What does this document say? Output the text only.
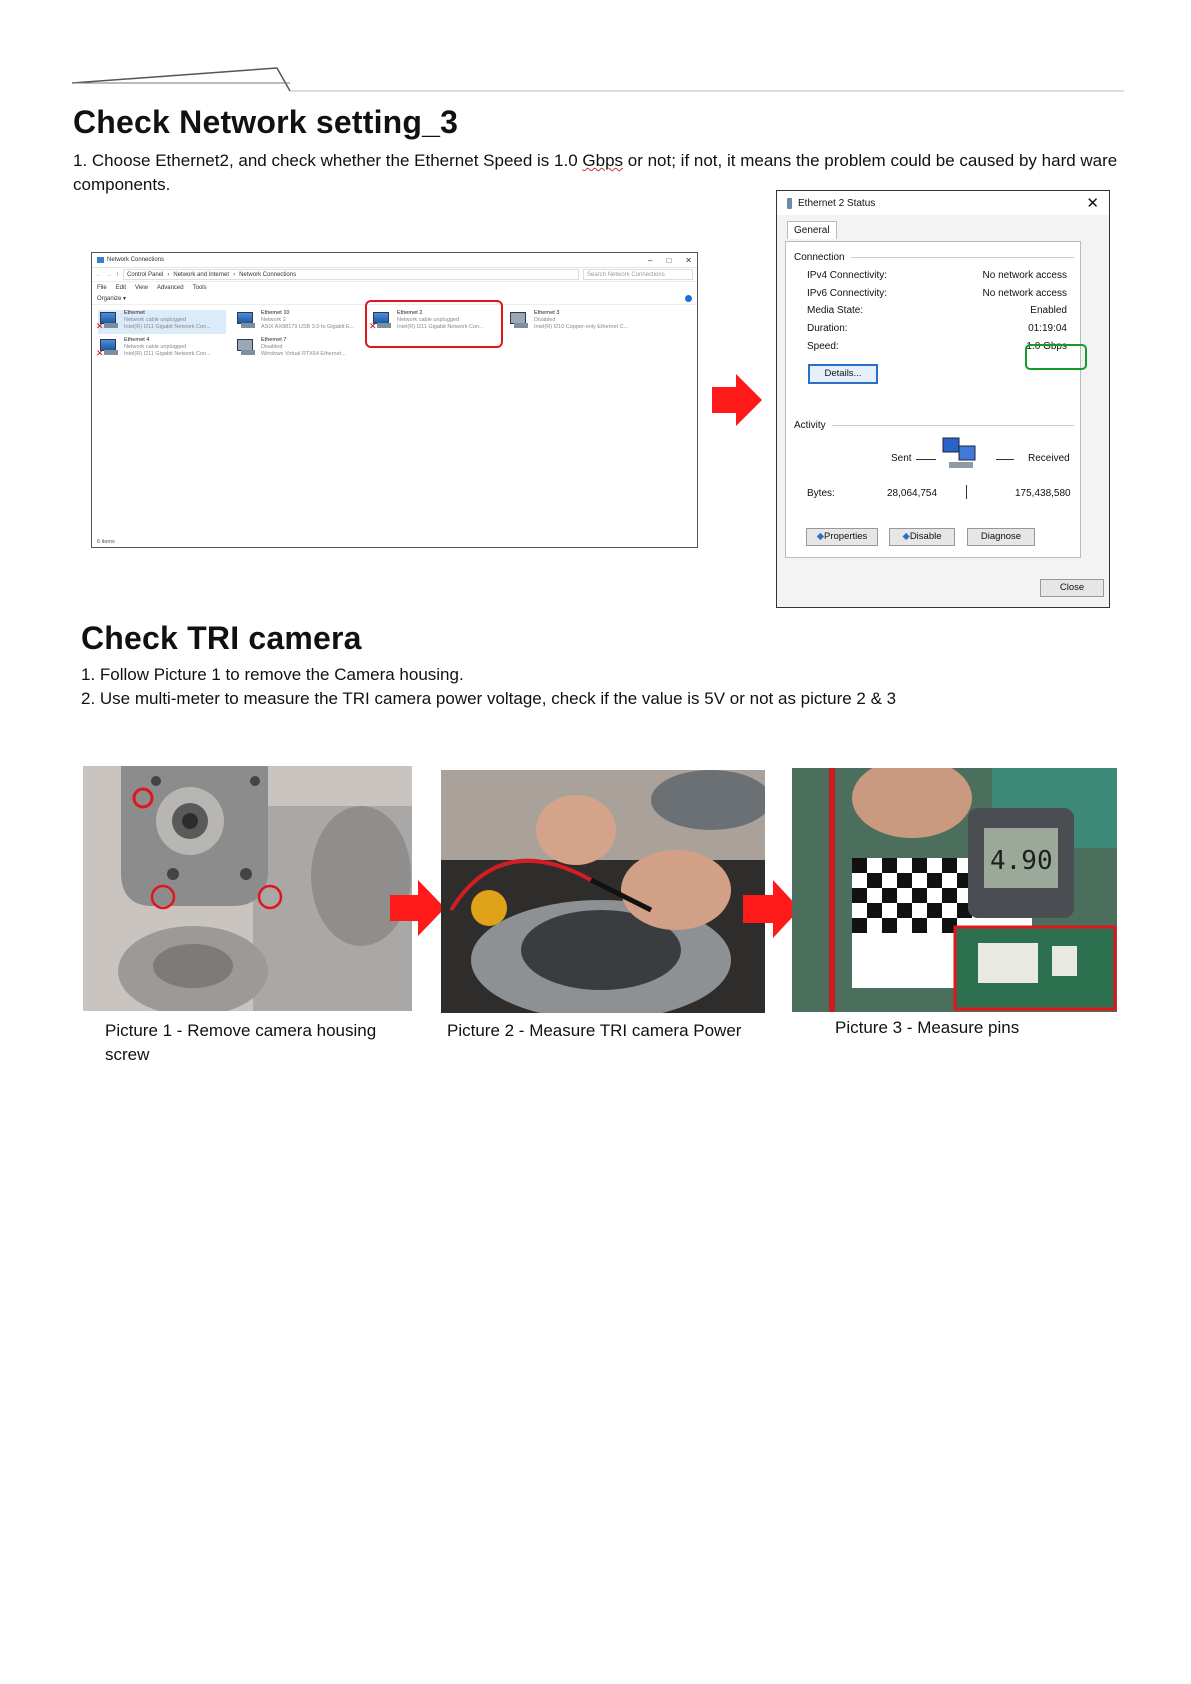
Check Network setting_3
1. Choose Ethernet2, and check whether the Ethernet Speed is 1.0 Gbps or not; if not, it means the problem could be caused by hard ware components.
Network Connections	– □ ✕
← → ↑ Control Panel › Network and Internet › Network Connections	Search Network Connections
File Edit View Advanced Tools
Organize ▾
✕
Ethernet
Network cable unplugged
Intel(R) I211 Gigabit Network Con...
Ethernet 10
Network 2
ASIX AX88179 USB 3.0 to Gigabit E... ✕
Ethernet 2
Network cable unplugged
Intel(R) I211 Gigabit Network Con...
Ethernet 3
Disabled
Intel(R) I210 Copper-only Ethernet C...
✕
Ethernet 4
Network cable unplugged
Intel(R) I211 Gigabit Network Con...
Ethernet 7
Disabled
Windows Virtual RTX64 Ethernet...
6 items
Ethernet 2 Status	✕
General
Connection
IPv4 Connectivity:	No network access
IPv6 Connectivity:	No network access
Media State:	Enabled
Duration:	01:19:04
Speed:	1.0 Gbps
Details...
Activity
Sent	Received
Bytes:	28,064,754	175,438,580
◆Properties	◆Disable	Diagnose
Close
Check TRI camera
1. Follow Picture 1 to remove the Camera housing.
2. Use multi-meter to measure the TRI camera power voltage, check if the value is 5V or not as picture 2 & 3
4.90
Picture 1 - Remove camera housing screw
Picture 2 - Measure TRI camera Power	Picture 3 - Measure pins
